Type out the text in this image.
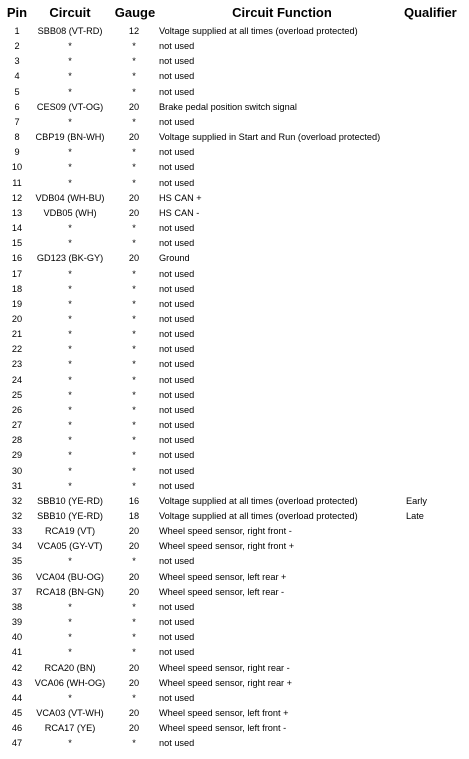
Pin	Circuit	Gauge	Circuit Function	Qualifier
1	SBB08 (VT-RD)	12	Voltage supplied at all times (overload protected)
2	*	*	not used
3	*	*	not used
4	*	*	not used
5	*	*	not used
6	CES09 (VT-OG)	20	Brake pedal position switch signal
7	*	*	not used
8	CBP19 (BN-WH)	20	Voltage supplied in Start and Run (overload protected)
9	*	*	not used
10	*	*	not used
11	*	*	not used
12	VDB04 (WH-BU)	20	HS CAN +
13	VDB05 (WH)	20	HS CAN -
14	*	*	not used
15	*	*	not used
16	GD123 (BK-GY)	20	Ground
17	*	*	not used
18	*	*	not used
19	*	*	not used
20	*	*	not used
21	*	*	not used
22	*	*	not used
23	*	*	not used
24	*	*	not used
25	*	*	not used
26	*	*	not used
27	*	*	not used
28	*	*	not used
29	*	*	not used
30	*	*	not used
31	*	*	not used
32	SBB10 (YE-RD)	16	Voltage supplied at all times (overload protected)	Early
32	SBB10 (YE-RD)	18	Voltage supplied at all times (overload protected)	Late
33	RCA19 (VT)	20	Wheel speed sensor, right front -
34	VCA05 (GY-VT)	20	Wheel speed sensor, right front +
35	*	*	not used
36	VCA04 (BU-OG)	20	Wheel speed sensor, left rear +
37	RCA18 (BN-GN)	20	Wheel speed sensor, left rear -
38	*	*	not used
39	*	*	not used
40	*	*	not used
41	*	*	not used
42	RCA20 (BN)	20	Wheel speed sensor, right rear -
43	VCA06 (WH-OG)	20	Wheel speed sensor, right rear +
44	*	*	not used
45	VCA03 (VT-WH)	20	Wheel speed sensor, left front +
46	RCA17 (YE)	20	Wheel speed sensor, left front -
47	*	*	not used
